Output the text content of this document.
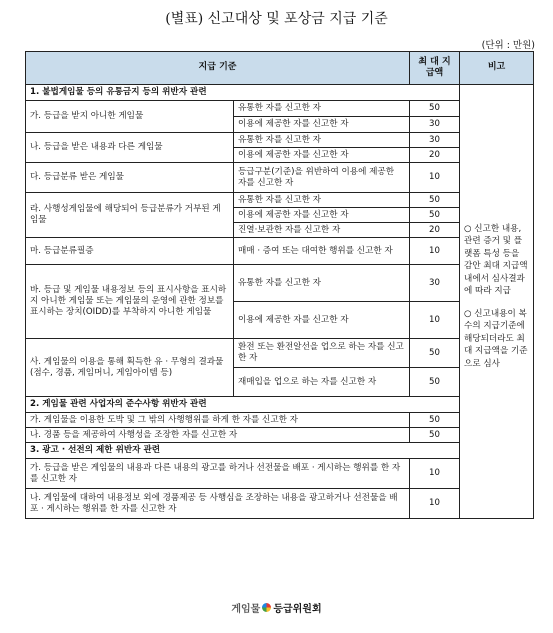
(별표) 신고대상 및 포상금 지급 기준
(단위 : 만원)
지급 기준		최 대 지급액	비고
1. 불법게임물 등의 유통금지 등의 위반자 관련			○ 신고한 내용, 관련 증거 및 플랫폼 특성 등을 감안 최대 지급액 내에서 심사결과에 따라 지급
○ 신고내용이 복수의 지급기준에 해당되더라도 최대 지급액을 기준으로 심사

가. 등급을 받지 아니한 게임물	유통한 자를 신고한 자	50	
	이용에 제공한 자를 신고한 자	30	
나. 등급을 받은 내용과 다른 게임물	유통한 자를 신고한 자	30	
	이용에 제공한 자를 신고한 자	20	
다. 등급분류 받은 게임물	등급구분(기준)을 위반하여 이용에 제공한 자를 신고한 자	10	
라. 사행성게임물에 해당되어 등급분류가 거부된 게임물	유통한 자를 신고한 자	50	
	이용에 제공한 자를 신고한 자	50	
	진열·보관한 자를 신고한 자	20	
마. 등급분류필증	매매 · 증여 또는 대여한 행위를 신고한 자	10	
바. 등급 및 게임물 내용정보 등의 표시사항을 표시하지 아니한 게임물 또는 게임물의 운영에 관한 정보를 표시하는 장치(OIDD)를 부착하지 아니한 게임물	유통한 자를 신고한 자	30	
	이용에 제공한 자를 신고한 자	10	
사. 게임물의 이용을 통해 획득한 유 · 무형의 결과물(점수, 경품, 게임머니, 게임아이템 등)	환전 또는 환전알선을 업으로 하는 자를 신고한 자	50	
	재매입을 업으로 하는 자를 신고한 자	50	
2. 게임물 관련 사업자의 준수사항 위반자 관련			
가. 게임물을 이용한 도박 및 그 밖의 사행행위를 하게 한 자를 신고한 자		50	
나. 경품 등을 제공하여 사행성을 조장한 자를 신고한 자		50	
3. 광고 · 선전의 제한 위반자 관련			
가. 등급을 받은 게임물의 내용과 다른 내용의 광고를 하거나 선전물을 배포 · 게시하는 행위를 한 자를 신고한 자		10	
나. 게임물에 대하여 내용정보 외에 경품제공 등 사행심을 조장하는 내용을 광고하거나 선전물을 배포 · 게시하는 행위를 한 자를 신고한 자		10	
게임물 등급위원회
